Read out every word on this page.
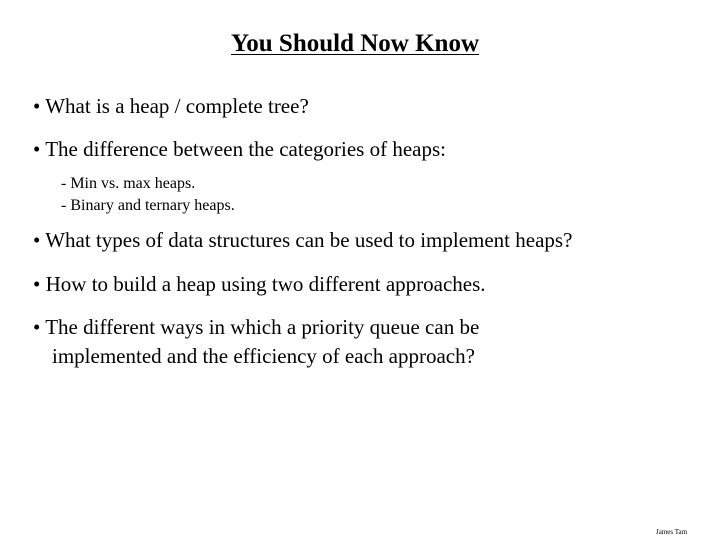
You Should Now Know
• What is a heap / complete tree?
• The difference between the categories of heaps:
- Min vs. max heaps.
- Binary and ternary heaps.
• What types of data structures can be used to implement heaps?
• How to build a heap using two different approaches.
• The different ways in which a priority queue can be
implemented and the efficiency of each approach?
James Tam
